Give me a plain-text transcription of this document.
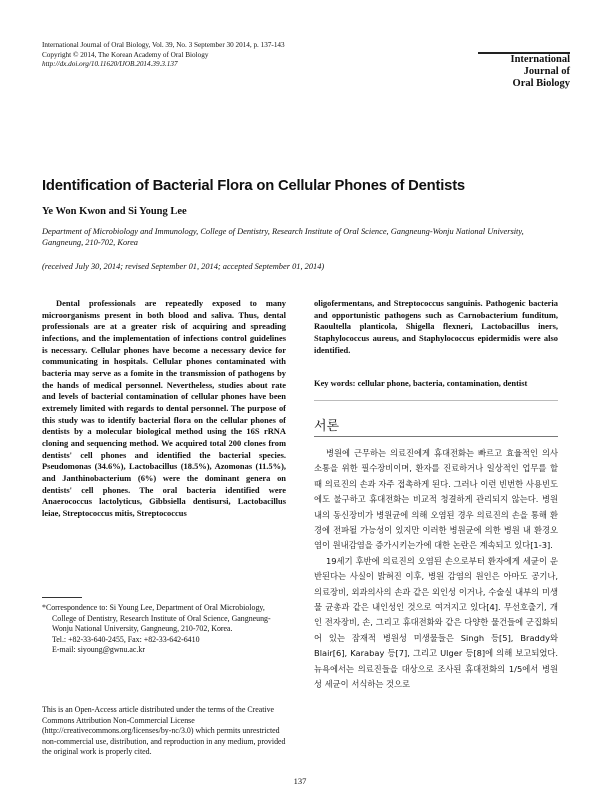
International Journal of Oral Biology, Vol. 39, No. 3 September 30 2014, p. 137-143
Copyright © 2014, The Korean Academy of Oral Biology
http://dx.doi.org/10.11620/IJOB.2014.39.3.137	International
Journal of
Oral Biology
Identification of Bacterial Flora on Cellular Phones of Dentists
Ye Won Kwon and Si Young Lee
Department of Microbiology and Immunology, College of Dentistry, Research Institute of Oral Science, Gangneung-Wonju National University, Gangneung, 210-702, Korea
(received July 30, 2014; revised September 01, 2014; accepted September 01, 2014)

Dental professionals are repeatedly exposed to many microorganisms present in both blood and saliva. Thus, dental professionals are at a greater risk of acquiring and spreading infections, and the implementation of infections control guidelines is necessary. Cellular phones have become a necessary device for communicating in hospitals. Cellular phones contaminated with bacteria may serve as a fomite in the transmission of pathogens by the hands of medical personnel. Nevertheless, studies about rate and levels of bacterial contamination of cellular phones have been extremely limited with regards to dental personnel. The purpose of this study was to identify bacterial flora on the cellular phones of dentists by a molecular biological method using the 16S rRNA cloning and sequencing method. We acquired total 200 clones from dentists' cell phones and identified the bacterial species. Pseudomonas (34.6%), Lactobacillus (18.5%), Azomonas (11.5%), and Janthinobacterium (6%) were the dominant genera on dentists' cell phones. The oral bacteria identified were Anaerococcus lactolyticus, Gibbsiella dentisursi, Lactobacillus leiae, Streptococcus mitis, Streptococcus

oligofermentans, and Streptococcus sanguinis. Pathogenic bacteria and opportunistic pathogens such as Carnobacterium funditum, Raoultella planticola, Shigella flexneri, Lactobacillus iners, Staphylococcus aureus, and Staphylococcus epidermidis were also identified.

Key words: cellular phone, bacteria, contamination, dentist
서론

병원에 근무하는 의료진에게 휴대전화는 빠르고 효율적인 의사소통을 위한 필수장비이며, 환자를 진료하거나 일상적인 업무를 할 때 의료진의 손과 자주 접촉하게 된다. 그러나 이런 빈번한 사용빈도에도 불구하고 휴대전화는 비교적 청결하게 관리되지 않는다. 병원 내의 동신장비가 병원균에 의해 오염된 경우 의료진의 손을 통해 환경에 전파될 가능성이 있지만 이러한 병원균에 의한 병원 내 환경오염이 원내감염을 증가시키는가에 대한 논란은 계속되고 있다[1-3].

19세기 후반에 의료진의 오염된 손으로부터 환자에게 세균이 운반된다는 사실이 밝혀진 이후, 병원 감염의 원인은 아마도 공기나, 의료장비, 외과의사의 손과 같은 외인성 이거나, 수술실 내부의 미생물 균총과 같은 내인성인 것으로 여겨지고 있다[4]. 무선호출기, 개인 전자장비, 손, 그리고 휴대전화와 같은 다양한 물건들에 군집화되어 있는 잠재적 병원성 미생물들은 Singh 등[5], Braddy와 Blair[6], Karabay 등[7], 그리고 Ulger 등[8]에 의해 보고되었다. 뉴욕에서는 의료진들을 대상으로 조사된 휴대전화의 1/5에서 병원성 세균이 서식하는 것으로

*Correspondence to: Si Young Lee, Department of Oral Microbiology, College of Dentistry, Research Institute of Oral Science, Gangneung-Wonju National University, Gangneung, 210-702, Korea.

Tel.: +82-33-640-2455, Fax: +82-33-642-6410

E-mail: siyoung@gwnu.ac.kr

This is an Open-Access article distributed under the terms of the Creative Commons Attribution Non-Commercial License (http://creativecommons.org/licenses/by-nc/3.0) which permits unrestricted non-commercial use, distribution, and reproduction in any medium, provided the original work is properly cited.
137
